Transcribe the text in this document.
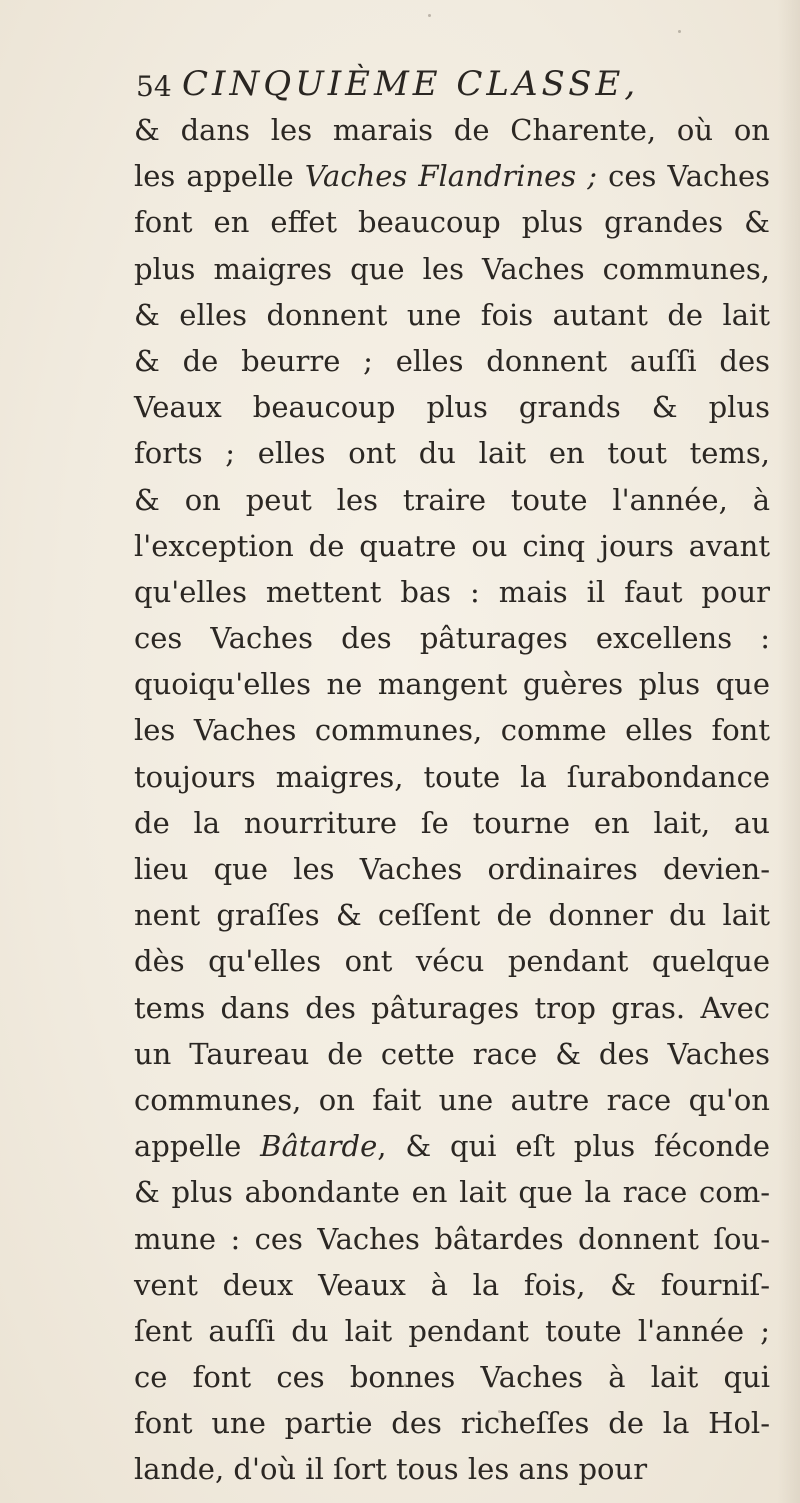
54 CINQUIÈME CLASSE,
& dans les marais de Charente, où on
les appelle Vaches Flandrines ; ces Vaches
font en effet beaucoup plus grandes &
plus maigres que les Vaches communes,
& elles donnent une fois autant de lait
& de beurre ; elles donnent auſſi des
Veaux beaucoup plus grands & plus
forts ; elles ont du lait en tout tems,
& on peut les traire toute l'année, à
l'exception de quatre ou cinq jours avant
qu'elles mettent bas : mais il faut pour
ces Vaches des pâturages excellens :
quoiqu'elles ne mangent guères plus que
les Vaches communes, comme elles font
toujours maigres, toute la ſurabondance
de la nourriture ſe tourne en lait, au
lieu que les Vaches ordinaires devien-
nent graſſes & ceſſent de donner du lait
dès qu'elles ont vécu pendant quelque
tems dans des pâturages trop gras. Avec
un Taureau de cette race & des Vaches
communes, on fait une autre race qu'on
appelle Bâtarde, & qui eſt plus féconde
& plus abondante en lait que la race com-
mune : ces Vaches bâtardes donnent ſou-
vent deux Veaux à la fois, & fourniſ-
ſent auſſi du lait pendant toute l'année ;
ce font ces bonnes Vaches à lait qui
font une partie des richeſſes de la Hol-
lande, d'où il ſort tous les ans pour
